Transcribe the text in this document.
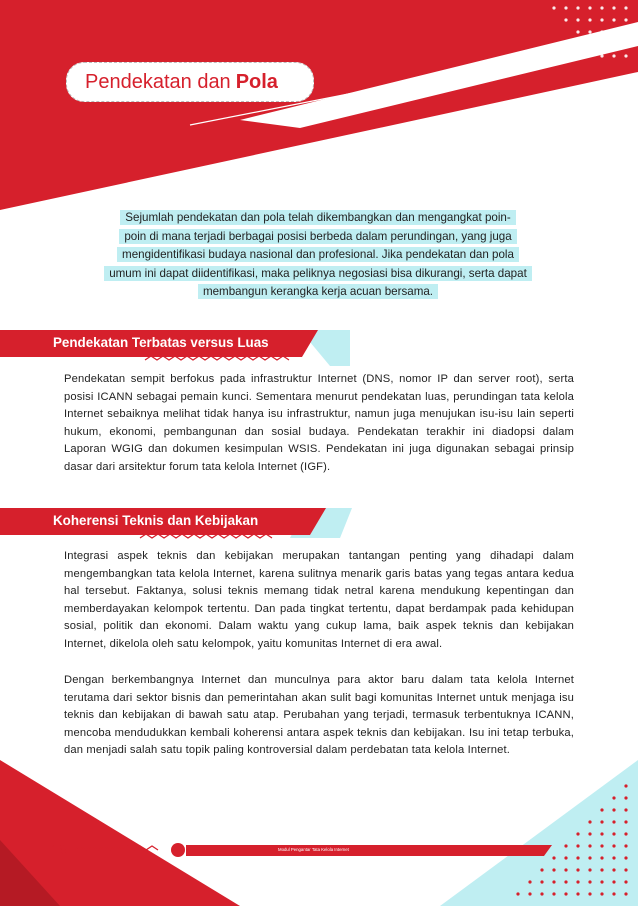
Pendekatan dan Pola
Sejumlah pendekatan dan pola telah dikembangkan dan mengangkat poin-
poin di mana terjadi berbagai posisi berbeda dalam perundingan, yang juga
mengidentifikasi budaya nasional dan profesional. Jika pendekatan dan pola
umum ini dapat diidentifikasi, maka peliknya negosiasi bisa dikurangi, serta dapat
membangun kerangka kerja acuan bersama.
Pendekatan Terbatas versus Luas

Pendekatan sempit berfokus pada infrastruktur Internet (DNS, nomor IP dan server root), serta posisi ICANN sebagai pemain kunci. Sementara menurut pendekatan luas, perundingan tata kelola Internet sebaiknya melihat tidak hanya isu infrastruktur, namun juga menujukan isu-isu lain seperti hukum, ekonomi, pembangunan dan sosial budaya. Pendekatan terakhir ini diadopsi dalam Laporan WGIG dan dokumen kesimpulan WSIS. Pendekatan ini juga digunakan sebagai prinsip dasar dari arsitektur forum tata kelola Internet (IGF).

Koherensi Teknis dan Kebijakan

Integrasi aspek teknis dan kebijakan merupakan tantangan penting yang dihadapi dalam mengembangkan tata kelola Internet, karena sulitnya menarik garis batas yang tegas antara kedua hal tersebut. Faktanya, solusi teknis memang tidak netral karena mendukung kepentingan dan memberdayakan kelompok tertentu. Dan pada tingkat tertentu, dapat berdampak pada kehidupan sosial, politik dan ekonomi. Dalam waktu yang cukup lama, baik aspek teknis dan kebijakan Internet, dikelola oleh satu kelompok, yaitu komunitas Internet di era awal.

Dengan berkembangnya Internet dan munculnya para aktor baru dalam tata kelola Internet terutama dari sektor bisnis dan pemerintahan akan sulit bagi komunitas Internet untuk menjaga isu teknis dan kebijakan di bawah satu atap. Perubahan yang terjadi, termasuk terbentuknya ICANN, mencoba mendudukkan kembali koherensi antara aspek teknis dan kebijakan. Isu ini tetap terbuka, dan menjadi salah satu topik paling kontroversial dalam perdebatan tata kelola Internet.

18	Modul Pengantar Tata Kelola Internet
